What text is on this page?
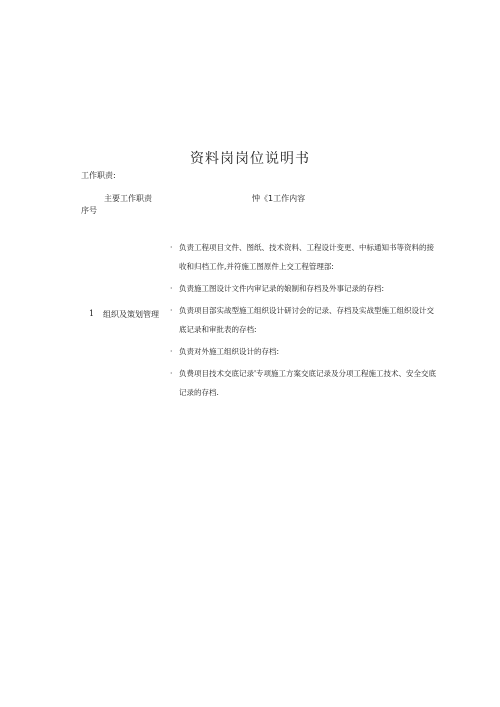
资料岗岗位说明书
工作职责:
主要工作职责
序号
忡《1工作内容
1 组织及策划管理
· 负责工程项目文件、图纸、技术资料、工程设计变更、中标通知书等资料的接收和归档工作,并符施工图原件上交工程管理部:
· 负责施工图设计文件内审记录的娘制和存档及外事记录的存档:
· 负责项目部实战型施工组织设计研讨会的记录、存档及实战型施工组织设计交底记录和审批表的存档:
· 负责对外施工组织设计的存档:
· 负费项目技术交底记录'专项施工方案交底记录及分项工程施工技术、安全交底记录的存档.
